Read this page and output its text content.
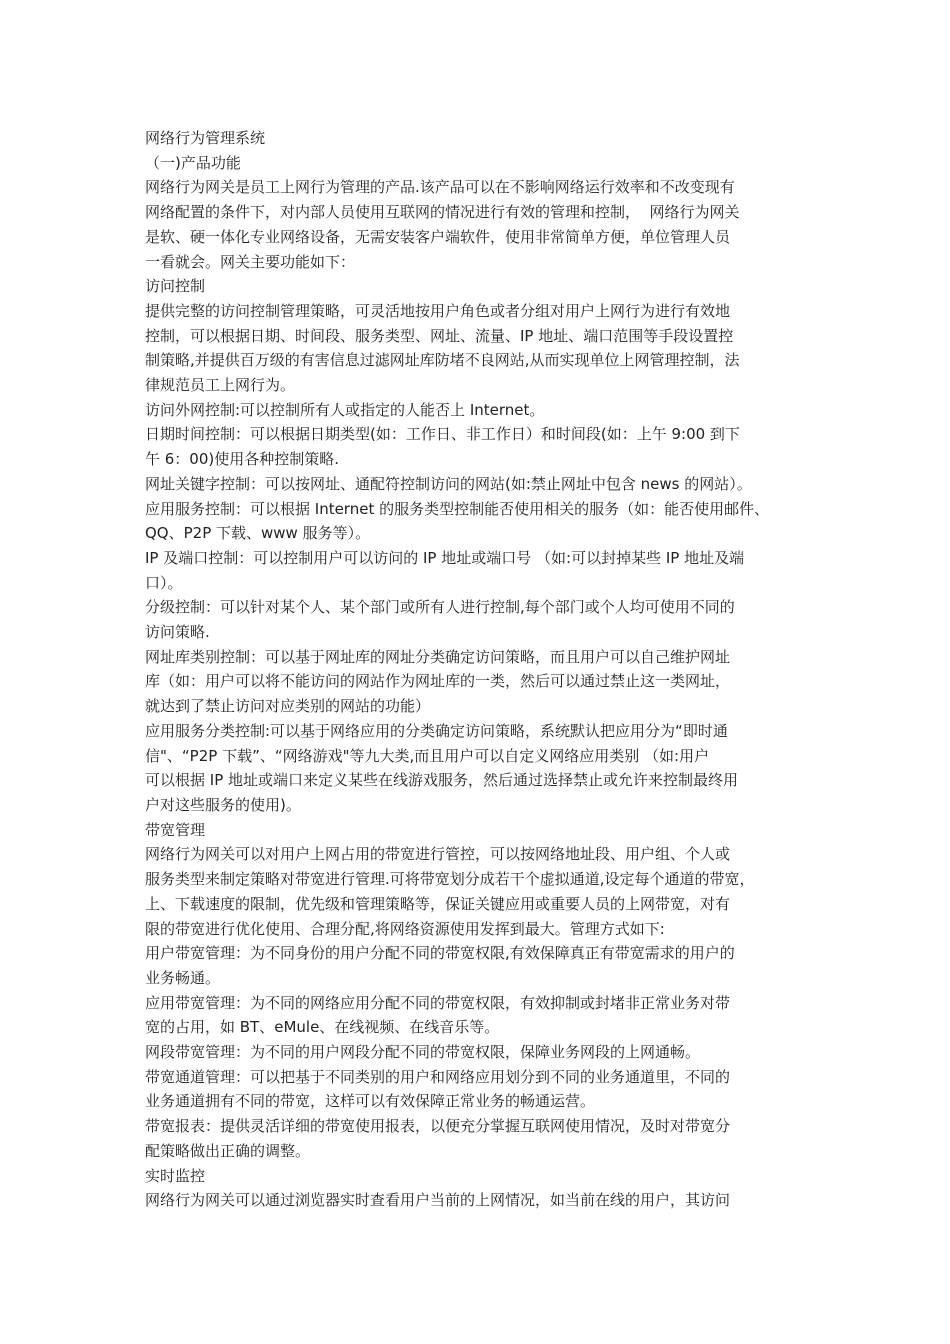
网络行为管理系统

（一)产品功能

网络行为网关是员工上网行为管理的产品.该产品可以在不影响网络运行效率和不改变现有

网络配置的条件下，对内部人员使用互联网的情况进行有效的管理和控制，  网络行为网关

是软、硬一体化专业网络设备，无需安装客户端软件，使用非常简单方便，单位管理人员

一看就会。网关主要功能如下：

访问控制

提供完整的访问控制管理策略，可灵活地按用户角色或者分组对用户上网行为进行有效地

控制，可以根据日期、时间段、服务类型、网址、流量、IP 地址、端口范围等手段设置控

制策略,并提供百万级的有害信息过滤网址库防堵不良网站,从而实现单位上网管理控制，法

律规范员工上网行为。

访问外网控制:可以控制所有人或指定的人能否上 Internet。

日期时间控制：可以根据日期类型(如：工作日、非工作日）和时间段(如：上午 9:00 到下

午 6：00)使用各种控制策略.

网址关键字控制：可以按网址、通配符控制访问的网站(如:禁止网址中包含 news 的网站）。

应用服务控制：可以根据 Internet 的服务类型控制能否使用相关的服务（如：能否使用邮件、

QQ、P2P 下载、www 服务等）。

IP 及端口控制：可以控制用户可以访问的 IP 地址或端口号 （如:可以封掉某些 IP 地址及端

口）。

分级控制：可以针对某个人、某个部门或所有人进行控制,每个部门或个人均可使用不同的

访问策略.

网址库类别控制：可以基于网址库的网址分类确定访问策略，而且用户可以自己维护网址

库（如：用户可以将不能访问的网站作为网址库的一类，然后可以通过禁止这一类网址，

就达到了禁止访问对应类别的网站的功能）

应用服务分类控制:可以基于网络应用的分类确定访问策略，系统默认把应用分为“即时通

信"、“P2P 下载”、“网络游戏"等九大类,而且用户可以自定义网络应用类别 （如:用户

可以根据 IP 地址或端口来定义某些在线游戏服务，然后通过选择禁止或允许来控制最终用

户对这些服务的使用)。

带宽管理

网络行为网关可以对用户上网占用的带宽进行管控，可以按网络地址段、用户组、个人或

服务类型来制定策略对带宽进行管理.可将带宽划分成若干个虚拟通道,设定每个通道的带宽，

上、下载速度的限制，优先级和管理策略等，保证关键应用或重要人员的上网带宽，对有

限的带宽进行优化使用、合理分配,将网络资源使用发挥到最大。管理方式如下:

用户带宽管理：为不同身份的用户分配不同的带宽权限,有效保障真正有带宽需求的用户的

业务畅通。

应用带宽管理：为不同的网络应用分配不同的带宽权限，有效抑制或封堵非正常业务对带

宽的占用，如 BT、eMule、在线视频、在线音乐等。

网段带宽管理：为不同的用户网段分配不同的带宽权限，保障业务网段的上网通畅。

带宽通道管理：可以把基于不同类别的用户和网络应用划分到不同的业务通道里，不同的

业务通道拥有不同的带宽，这样可以有效保障正常业务的畅通运营。

带宽报表：提供灵活详细的带宽使用报表，以便充分掌握互联网使用情况，及时对带宽分

配策略做出正确的调整。

实时监控

网络行为网关可以通过浏览器实时查看用户当前的上网情况，如当前在线的用户，其访问
